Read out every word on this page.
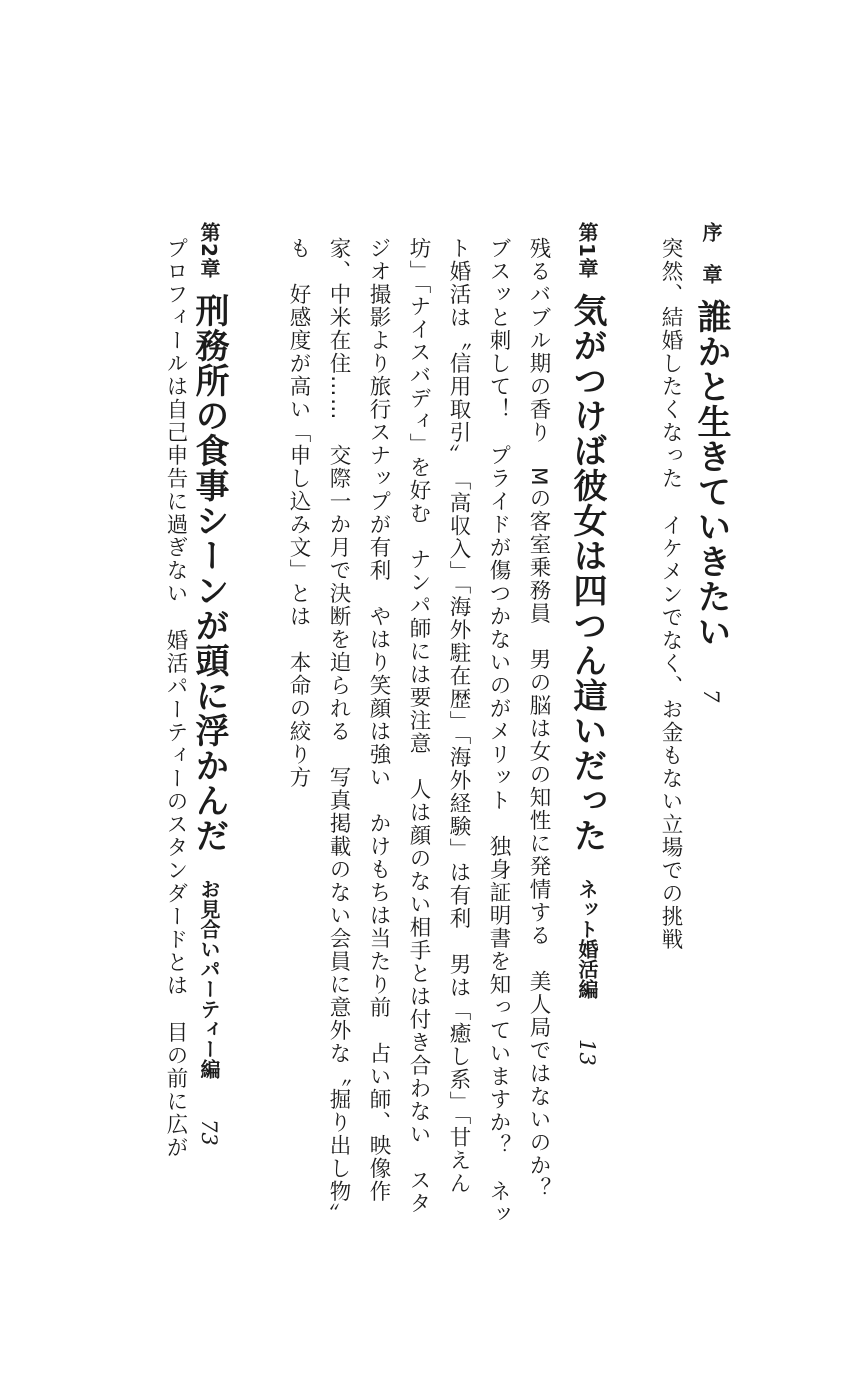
序　章誰かと生きていきたい7
突然、結婚したくなったイケメンでなく、お金もない立場での挑戦
第1章気がつけば彼女は四つん這いだったネット婚活編13
残るバブル期の香り　Mの客室乗務員　男の脳は女の知性に発情する　美人局ではないのか？　ブスッと刺して！　プライドが傷つかないのがメリット　独身証明書を知っていますか？　ネット婚活は〝信用取引〟　「高収入」「海外駐在歴」「海外経験」は有利　男は「癒し系」「甘えん坊」「ナイスバディ」を好む　ナンパ師には要注意　人は顔のない相手とは付き合わない　スタジオ撮影より旅行スナップが有利　やはり笑顔は強い　かけもちは当たり前　占い師、映像作家、中米在住……　交際一か月で決断を迫られる　写真掲載のない会員に意外な〝掘り出し物〟も　好感度が高い「申し込み文」とは　本命の絞り方
第2章刑務所の食事シーンが頭に浮かんだお見合いパーティー編73
プロフィールは自己申告に過ぎない婚活パーティーのスタンダードとは目の前に広が
